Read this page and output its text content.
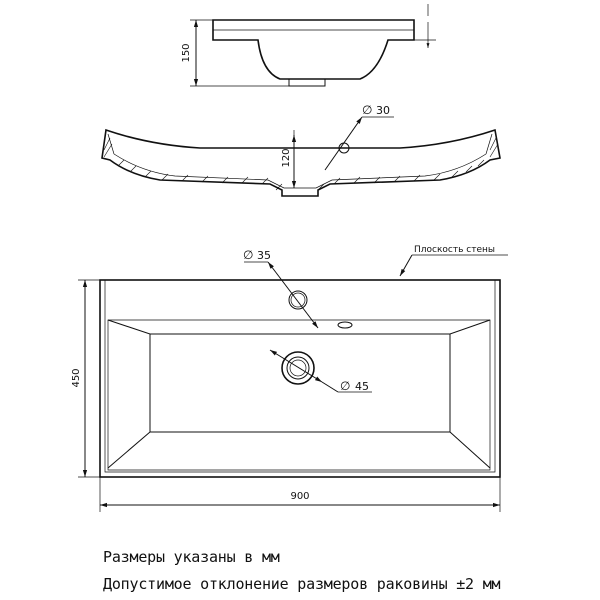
150
120
∅ 30
∅ 35
∅ 45
Плоскость стены
450
900
Размеры указаны в мм
Допустимое отклонение размеров раковины ±2 мм
